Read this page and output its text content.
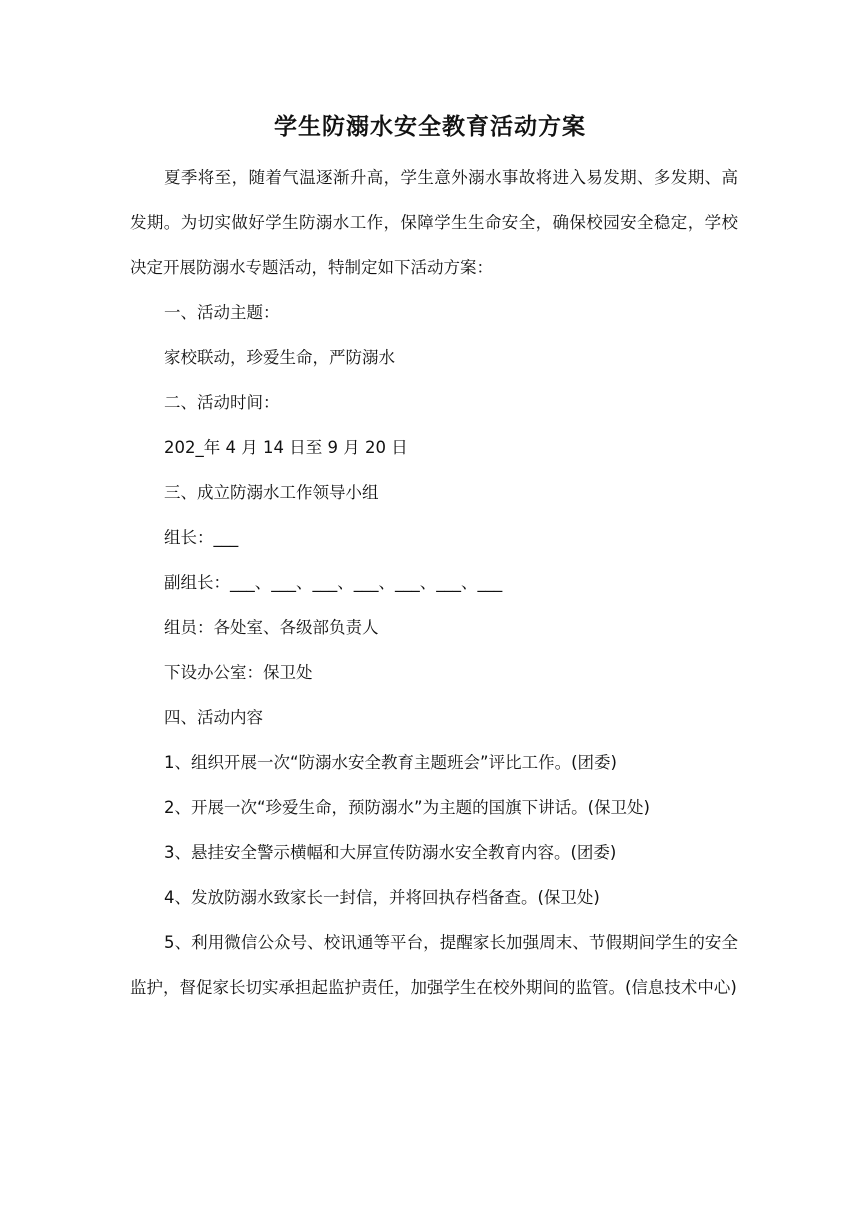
学生防溺水安全教育活动方案

夏季将至，随着气温逐渐升高，学生意外溺水事故将进入易发期、多发期、高发期。为切实做好学生防溺水工作，保障学生生命安全，确保校园安全稳定，学校决定开展防溺水专题活动，特制定如下活动方案：

一、活动主题：

家校联动，珍爱生命，严防溺水

二、活动时间：

202_年 4 月 14 日至 9 月 20 日

三、成立防溺水工作领导小组

组长：___

副组长：___、___、___、___、___、___、___

组员：各处室、各级部负责人

下设办公室：保卫处

四、活动内容

1、组织开展一次“防溺水安全教育主题班会”评比工作。(团委)

2、开展一次“珍爱生命，预防溺水”为主题的国旗下讲话。(保卫处)

3、悬挂安全警示横幅和大屏宣传防溺水安全教育内容。(团委)

4、发放防溺水致家长一封信，并将回执存档备查。(保卫处)

5、利用微信公众号、校讯通等平台，提醒家长加强周末、节假期间学生的安全监护，督促家长切实承担起监护责任，加强学生在校外期间的监管。(信息技术中心)
